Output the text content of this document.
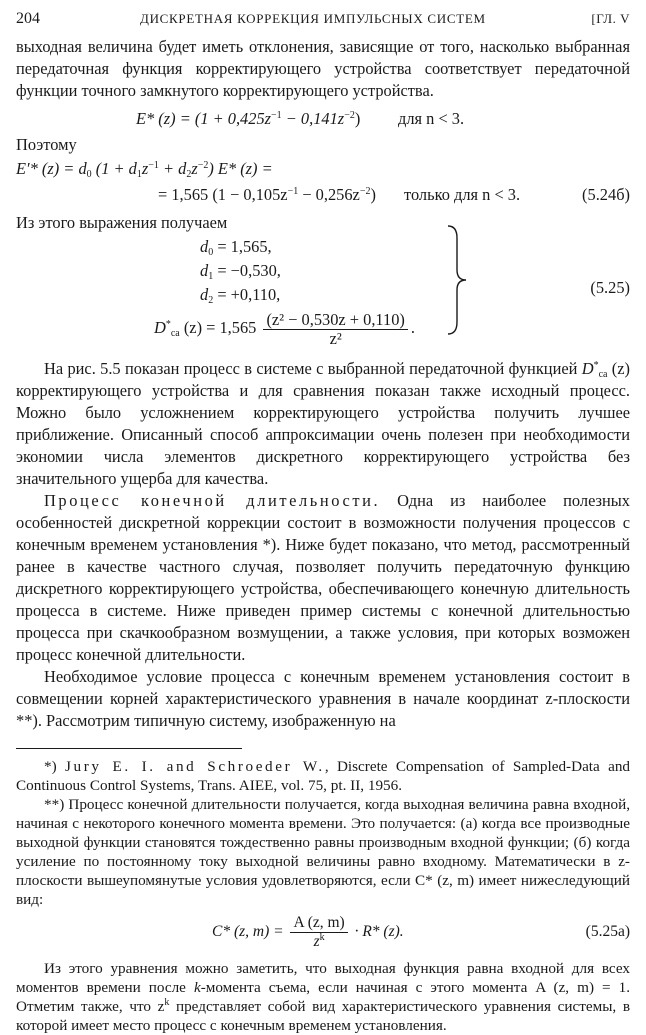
204	ДИСКРЕТНАЯ КОРРЕКЦИЯ ИМПУЛЬСНЫХ СИСТЕМ	[ГЛ. V

выходная величина будет иметь отклонения, зависящие от того, насколько выбранная передаточная функция корректирующего устройства соответствует передаточной функции точного замкнутого корректирующего устройства.

E* $(z) = (1 + 0,425z^{-1} - 0,141z^{-2})$ для n < 3.

Поэтому

E′* $(z) = d_0$ $(1 + d_1z^{-1} + d_2z^{-2})$ E* (z) =
= 1,565 $(1 - 0,105z^{-1} - 0,256z^{-2})$ только для n < 3.	(5.24б)

Из этого выражения получаем

$d_0 = 1,565$,
$d_1 = -0,530$,
$d_2 = +0,110$,
$D^*_{ca}$ $(z) = 1,565 \frac{\text{(z² − 0,530z + 0,110)}}{\text{z²}}$ .
(5.25)

На рис. 5.5 показан процесс в системе с выбранной передаточной функцией $D^*_{ca}$ (z) корректирующего устройства и для сравнения показан также исходный процесс. Можно было усложнением корректирующего устройства получить лучшее приближение. Описанный способ аппроксимации очень полезен при необходимости экономии числа элементов дискретного корректирующего устройства без значительного ущерба для качества.

Процесс конечной длительности. Одна из наиболее полезных особенностей дискретной коррекции состоит в возможности получения процессов с конечным временем установления *). Ниже будет показано, что метод, рассмотренный ранее в качестве частного случая, позволяет получить передаточную функцию дискретного корректирующего устройства, обеспечивающего конечную длительность процесса в системе. Ниже приведен пример системы с конечной длительностью процесса при скачкообразном возмущении, а также условия, при которых возможен процесс конечной длительности.

Необходимое условие процесса с конечным временем установления состоит в совмещении корней характеристического уравнения в начале координат z-плоскости **). Рассмотрим типичную систему, изображенную на

*) Jury E. I. and Schroeder W., Discrete Compensation of Sampled-Data and Continuous Control Systems, Trans. AIEE, vol. 75, pt. II, 1956.

**) Процесс конечной длительности получается, когда выходная величина равна входной, начиная с некоторого конечного момента времени. Это получается: (а) когда все производные выходной функции становятся тождественно равны производным входной функции; (б) когда усиление по постоянному току выходной величины равно входному. Математически в z-плоскости вышеупомянутые условия удовлетворяются, если C* (z, m) имеет нижеследующий вид:

C* (z, $m) = \frac{A (z, m)}{z^k} \cdot R*$ (z).	(5.25а)

Из этого уравнения можно заметить, что выходная функция равна входной для всех моментов времени после k-момента съема, если начиная с этого момента A (z, m) = 1. Отметим также, что $z^k$ представляет собой вид характеристического уравнения системы, в которой имеет место процесс с конечным временем установления.
